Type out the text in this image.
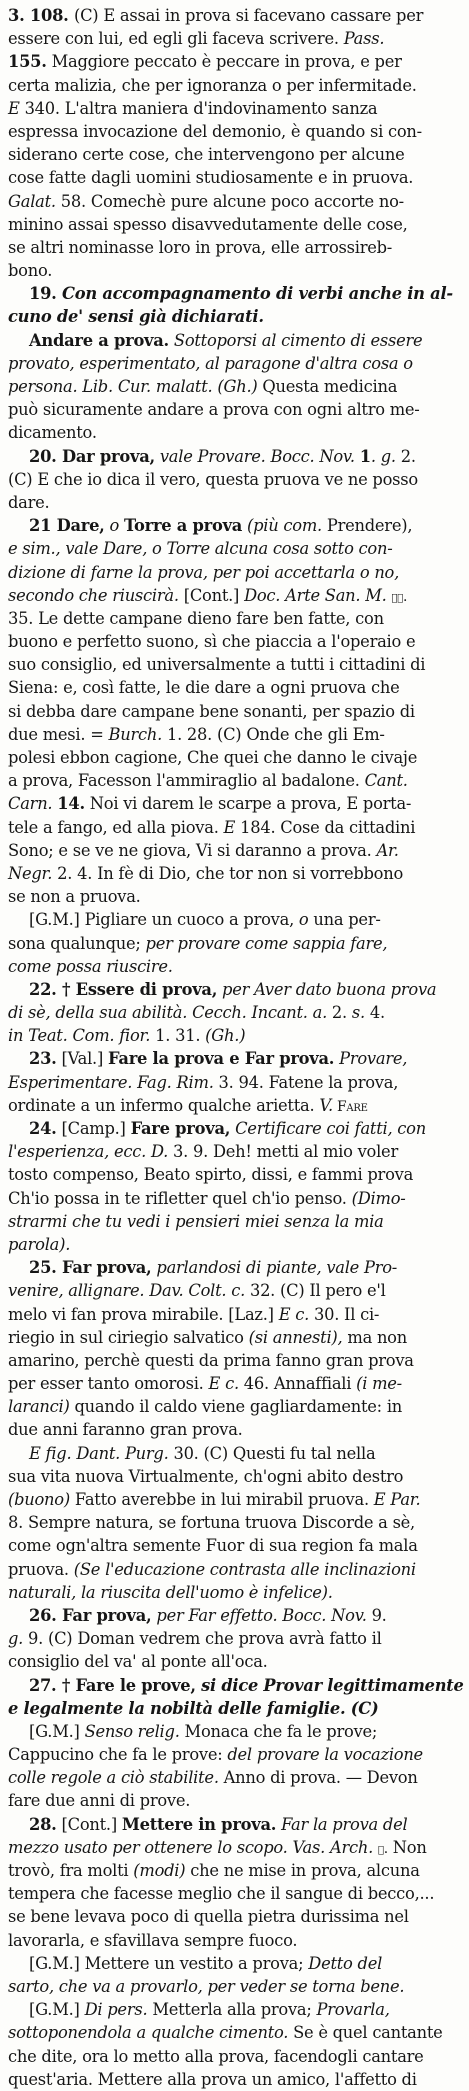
3. 108. (C) E assai in prova si facevano cassare per
essere con lui, ed egli gli faceva scrivere. Pass.
155. Maggiore peccato è peccare in prova, e per
certa malizia, che per ignoranza o per infermitade.
E 340. L'altra maniera d'indovinamento sanza
espressa invocazione del demonio, è quando si con-
siderano certe cose, che intervengono per alcune
cose fatte dagli uomini studiosamente e in pruova.
Galat. 58. Comechè pure alcune poco accorte no-
minino assai spesso disavvedutamente delle cose,
se altri nominasse loro in prova, elle arrossireb-
bono.
19. Con accompagnamento di verbi anche in al-
cuno de' sensi già dichiarati.
Andare a prova. Sottoporsi al cimento di essere
provato, esperimentato, al paragone d'altra cosa o
persona. Lib. Cur. malatt. (Gh.) Questa medicina
può sicuramente andare a prova con ogni altro me-
dicamento.
20. Dar prova, vale Provare. Bocc. Nov. 1. g. 2.
(C) E che io dica il vero, questa pruova ve ne posso
dare.
21 Dare, o Torre a prova (più com. Prendere),
e sim., vale Dare, o Torre alcuna cosa sotto con-
dizione di farne la prova, per poi accettarla o no,
secondo che riuscirà. [Cont.] Doc. Arte San. M. ɪɪ.
35. Le dette campane dieno fare ben fatte, con
buono e perfetto suono, sì che piaccia a l'operaio e
suo consiglio, ed universalmente a tutti i cittadini di
Siena: e, così fatte, le die dare a ogni pruova che
si debba dare campane bene sonanti, per spazio di
due mesi. = Burch. 1. 28. (C) Onde che gli Em-
polesi ebbon cagione, Che quei che danno le civaje
a prova, Facesson l'ammiraglio al badalone. Cant.
Carn. 14. Noi vi darem le scarpe a prova, E porta-
tele a fango, ed alla piova. E 184. Cose da cittadini
Sono; e se ve ne giova, Vi si daranno a prova. Ar.
Negr. 2. 4. In fè di Dio, che tor non si vorrebbono
se non a pruova.
[G.M.] Pigliare un cuoco a prova, o una per-
sona qualunque; per provare come sappia fare,
come possa riuscire.
22. † Essere di prova, per Aver dato buona prova
di sè, della sua abilità. Cecch. Incant. a. 2. s. 4.
in Teat. Com. fior. 1. 31. (Gh.)
23. [Val.] Fare la prova e Far prova. Provare,
Esperimentare. Fag. Rim. 3. 94. Fatene la prova,
ordinate a un infermo qualche arietta. V. Fare
24. [Camp.] Fare prova, Certificare coi fatti, con
l'esperienza, ecc. D. 3. 9. Deh! metti al mio voler
tosto compenso, Beato spirto, dissi, e fammi prova
Ch'io possa in te rifletter quel ch'io penso. (Dimo-
strarmi che tu vedi i pensieri miei senza la mia
parola).
25. Far prova, parlandosi di piante, vale Pro-
venire, allignare. Dav. Colt. c. 32. (C) Il pero e'l
melo vi fan prova mirabile. [Laz.] E c. 30. Il ci-
riegio in sul ciriegio salvatico (si annesti), ma non
amarino, perchè questi da prima fanno gran prova
per esser tanto omorosi. E c. 46. Annaffiali (i me-
laranci) quando il caldo viene gagliardamente: in
due anni faranno gran prova.
E fig. Dant. Purg. 30. (C) Questi fu tal nella
sua vita nuova Virtualmente, ch'ogni abito destro
(buono) Fatto averebbe in lui mirabil pruova. E Par.
8. Sempre natura, se fortuna truova Discorde a sè,
come ogn'altra semente Fuor di sua region fa mala
pruova. (Se l'educazione contrasta alle inclinazioni
naturali, la riuscita dell'uomo è infelice).
26. Far prova, per Far effetto. Bocc. Nov. 9.
g. 9. (C) Doman vedrem che prova avrà fatto il
consiglio del va' al ponte all'oca.
27. † Fare le prove, si dice Provar legittimamente
e legalmente la nobiltà delle famiglie. (C)
[G.M.] Senso relig. Monaca che fa le prove;
Cappucino che fa le prove: del provare la vocazione
colle regole a ciò stabilite. Anno di prova. — Devon
fare due anni di prove.
28. [Cont.] Mettere in prova. Far la prova del
mezzo usato per ottenere lo scopo. Vas. Arch. ɪ. Non
trovò, fra molti (modi) che ne mise in prova, alcuna
tempera che facesse meglio che il sangue di becco,...
se bene levava poco di quella pietra durissima nel
lavorarla, e sfavillava sempre fuoco.
[G.M.] Mettere un vestito a prova; Detto del
sarto, che va a provarlo, per veder se torna bene.
[G.M.] Di pers. Metterla alla prova; Provarla,
sottoponendola a qualche cimento. Se è quel cantante
che dite, ora lo metto alla prova, facendogli cantare
quest'aria. Mettere alla prova un amico, l'affetto di
